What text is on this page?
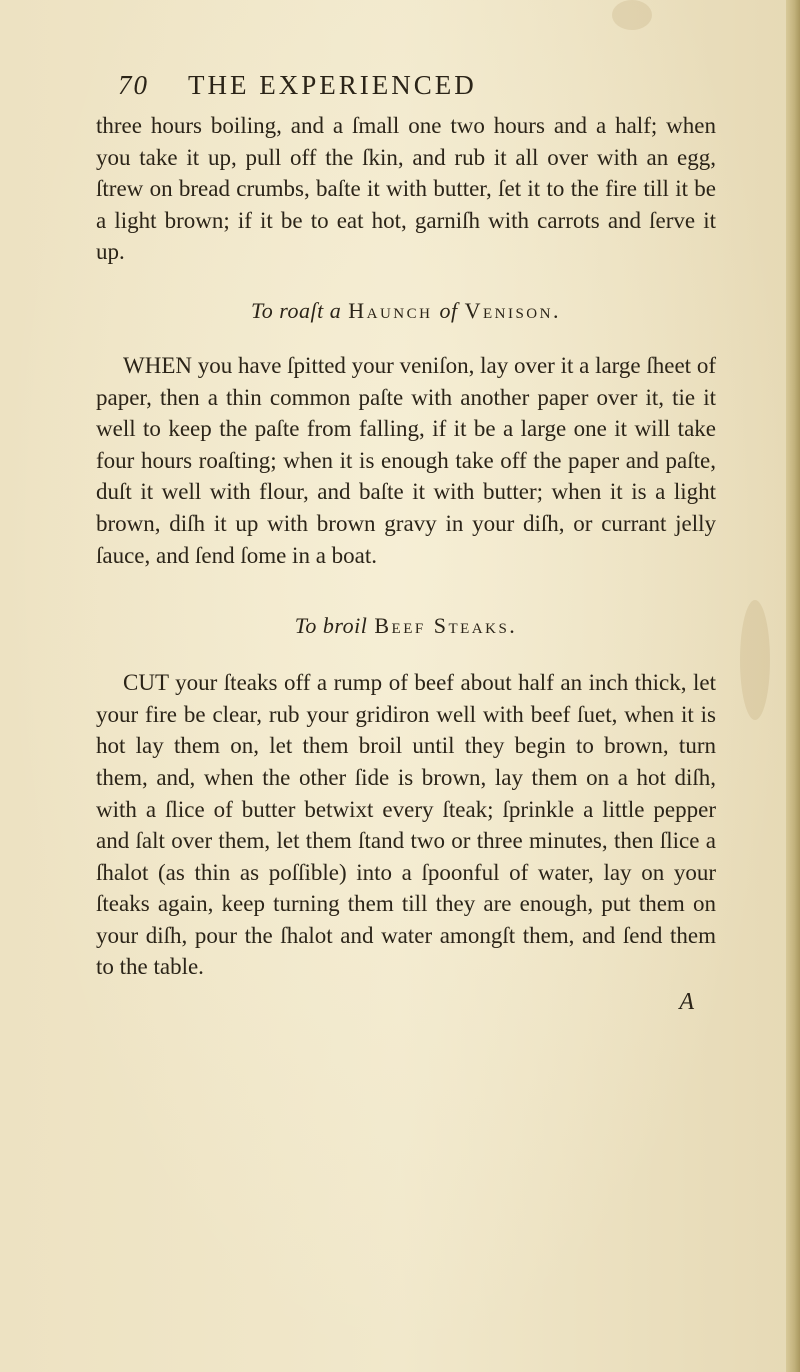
70	THE EXPERIENCED

three hours boiling, and a ſmall one two hours and a half; when you take it up, pull off the ſkin, and rub it all over with an egg, ſtrew on bread crumbs, baſte it with butter, ſet it to the fire till it be a light brown; if it be to eat hot, garniſh with carrots and ſerve it up.

To roaſt a Haunch of Venison.

WHEN you have ſpitted your veniſon, lay over it a large ſheet of paper, then a thin common paſte with another paper over it, tie it well to keep the paſte from falling, if it be a large one it will take four hours roaſting; when it is enough take off the paper and paſte, duſt it well with flour, and baſte it with butter; when it is a light brown, diſh it up with brown gravy in your diſh, or currant jelly ſauce, and ſend ſome in a boat.

To broil Beef Steaks.

CUT your ſteaks off a rump of beef about half an inch thick, let your fire be clear, rub your gridiron well with beef ſuet, when it is hot lay them on, let them broil until they begin to brown, turn them, and, when the other ſide is brown, lay them on a hot diſh, with a ſlice of butter betwixt every ſteak; ſprinkle a little pepper and ſalt over them, let them ſtand two or three minutes, then ſlice a ſhalot (as thin as poſſible) into a ſpoonful of water, lay on your ſteaks again, keep turning them till they are enough, put them on your diſh, pour the ſhalot and water amongſt them, and ſend them to the table.

A
